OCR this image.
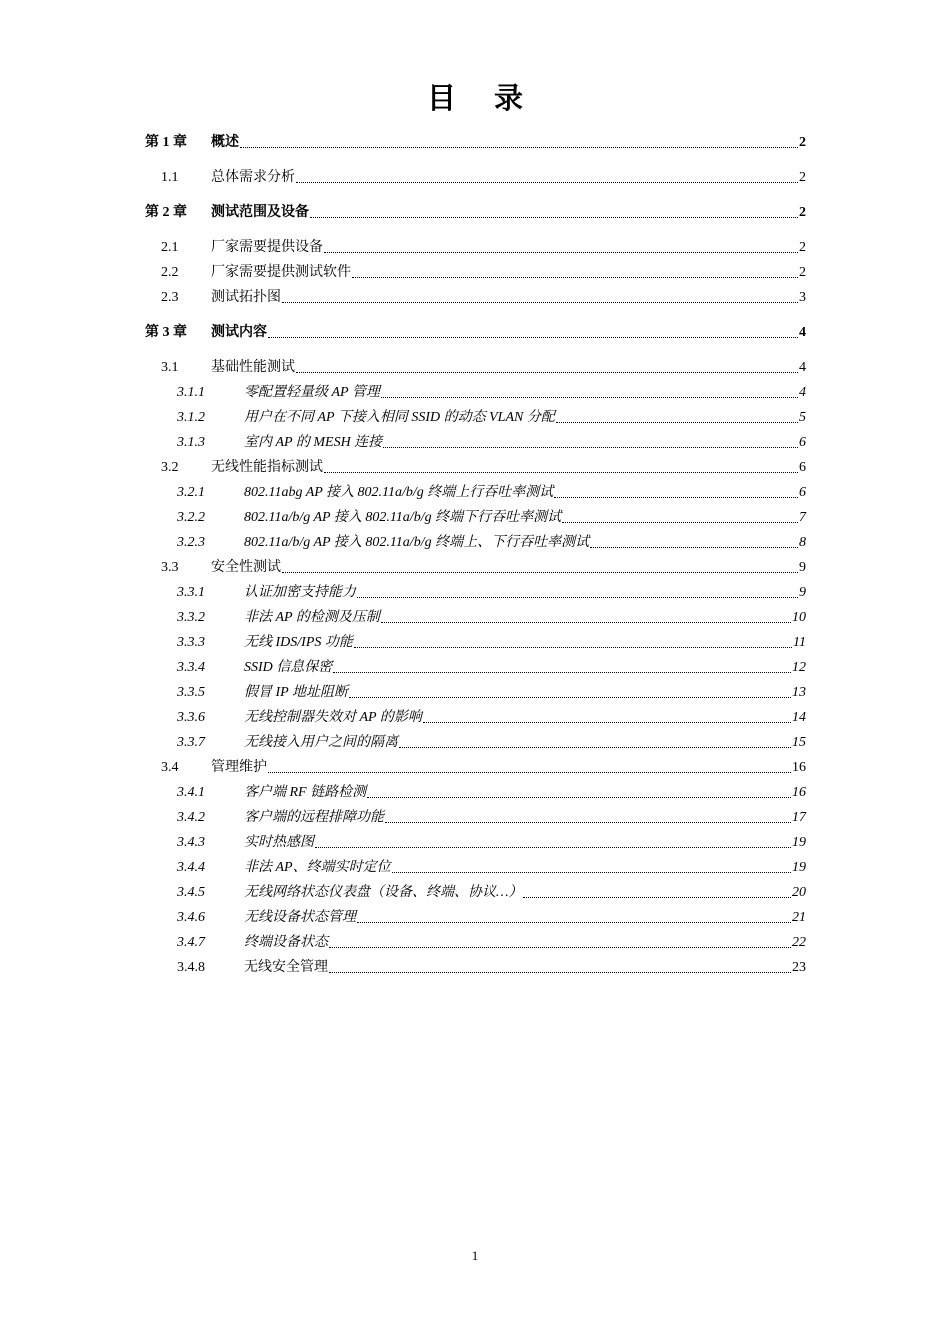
目 录
第 1 章	概述	2
1.1	总体需求分析	2
第 2 章	测试范围及设备	2
2.1	厂家需要提供设备	2
2.2	厂家需要提供测试软件	2
2.3	测试拓扑图	3
第 3 章	测试内容	4
3.1	基础性能测试	4
3.1.1	零配置轻量级 AP 管理	4
3.1.2	用户在不同 AP 下接入相同 SSID 的动态 VLAN 分配	5
3.1.3	室内 AP 的 MESH 连接	6
3.2	无线性能指标测试	6
3.2.1	802.11abg AP 接入 802.11a/b/g 终端上行吞吐率测试	6
3.2.2	802.11a/b/g AP 接入 802.11a/b/g 终端下行吞吐率测试	7
3.2.3	802.11a/b/g AP 接入 802.11a/b/g 终端上、下行吞吐率测试	8
3.3	安全性测试	9
3.3.1	认证加密支持能力	9
3.3.2	非法 AP 的检测及压制	10
3.3.3	无线 IDS/IPS 功能	11
3.3.4	SSID 信息保密	12
3.3.5	假冒 IP 地址阻断	13
3.3.6	无线控制器失效对 AP 的影响	14
3.3.7	无线接入用户之间的隔离	15
3.4	管理维护	16
3.4.1	客户端 RF 链路检测	16
3.4.2	客户端的远程排障功能	17
3.4.3	实时热感图	19
3.4.4	非法 AP、终端实时定位	19
3.4.5	无线网络状态仪表盘（设备、终端、协议…）	20
3.4.6	无线设备状态管理	21
3.4.7	终端设备状态	22
3.4.8	无线安全管理	23
1
